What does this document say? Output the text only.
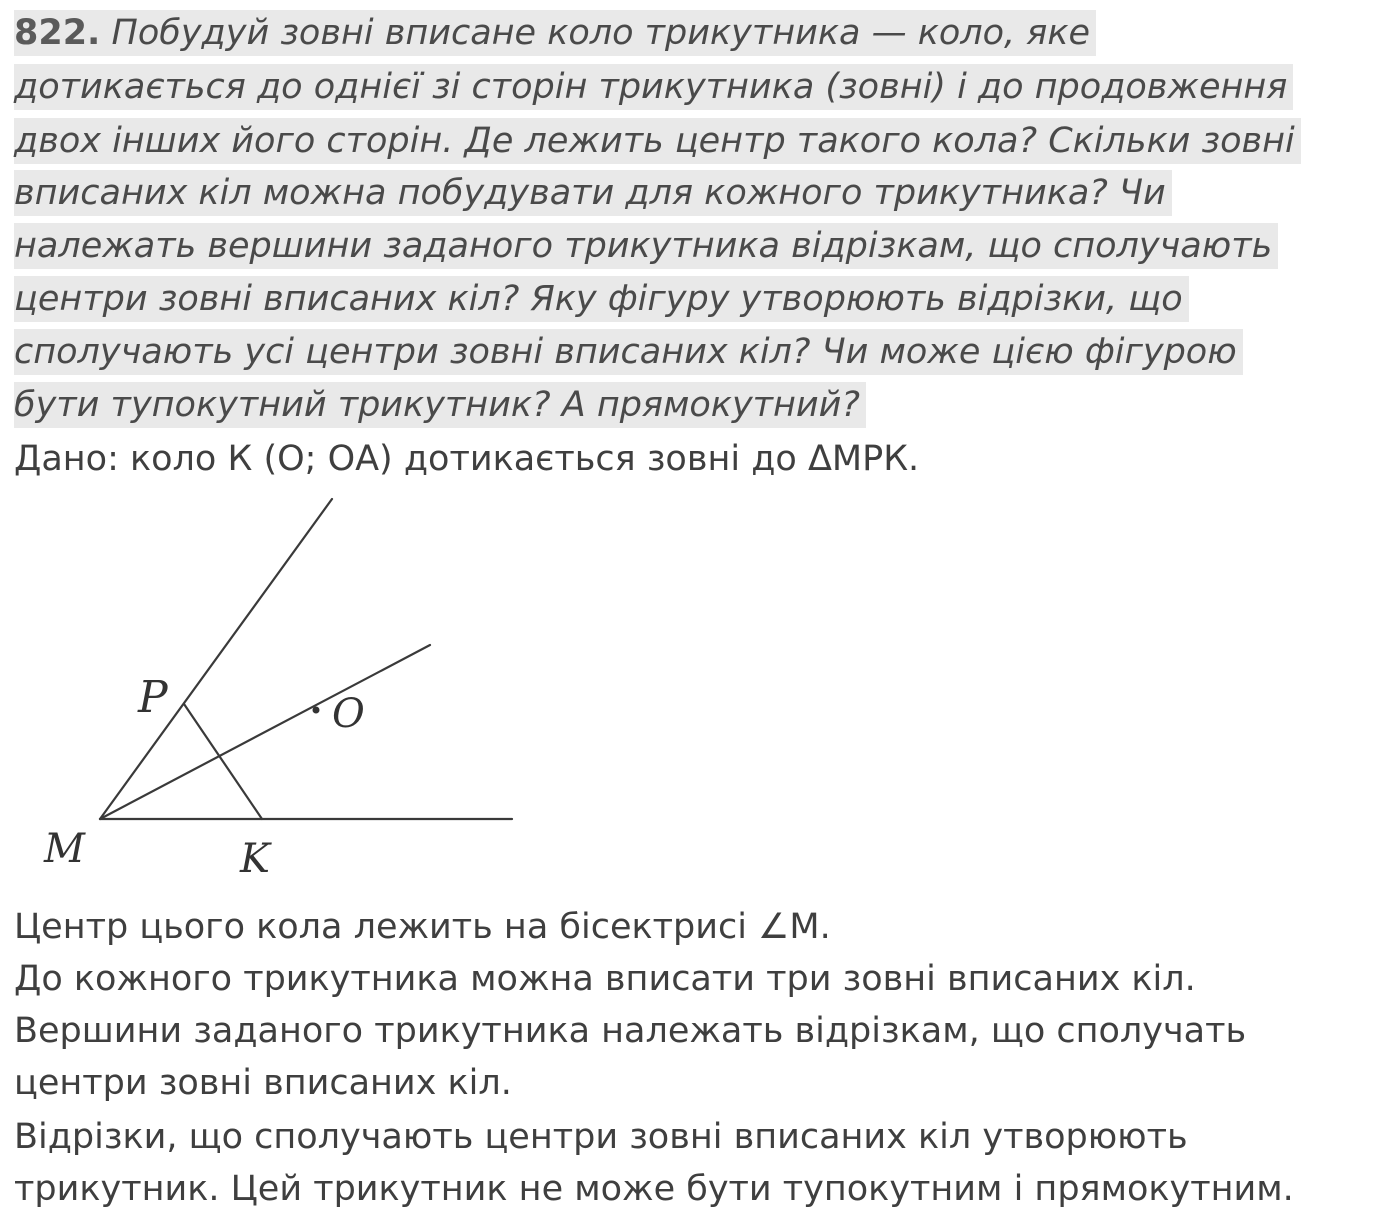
822. Побудуй зовні вписане коло трикутника — коло, яке
дотикається до однієї зі сторін трикутника (зовні) і до продовження
двох інших його сторін. Де лежить центр такого кола? Скільки зовні
вписаних кіл можна побудувати для кожного трикутника? Чи
належать вершини заданого трикутника відрізкам, що сполучають
центри зовні вписаних кіл? Яку фігуру утворюють відрізки, що
сполучають усі центри зовні вписаних кіл? Чи може цією фігурою
бути тупокутний трикутник? А прямокутний?
Дано: коло К (О; ОА) дотикається зовні до ΔМРК.
P	O
M	K
Центр цього кола лежить на бісектрисі ∠М.
До кожного трикутника можна вписати три зовні вписаних кіл.
Вершини заданого трикутника належать відрізкам, що сполучать
центри зовні вписаних кіл.
Відрізки, що сполучають центри зовні вписаних кіл утворюють
трикутник. Цей трикутник не може бути тупокутним і прямокутним.
